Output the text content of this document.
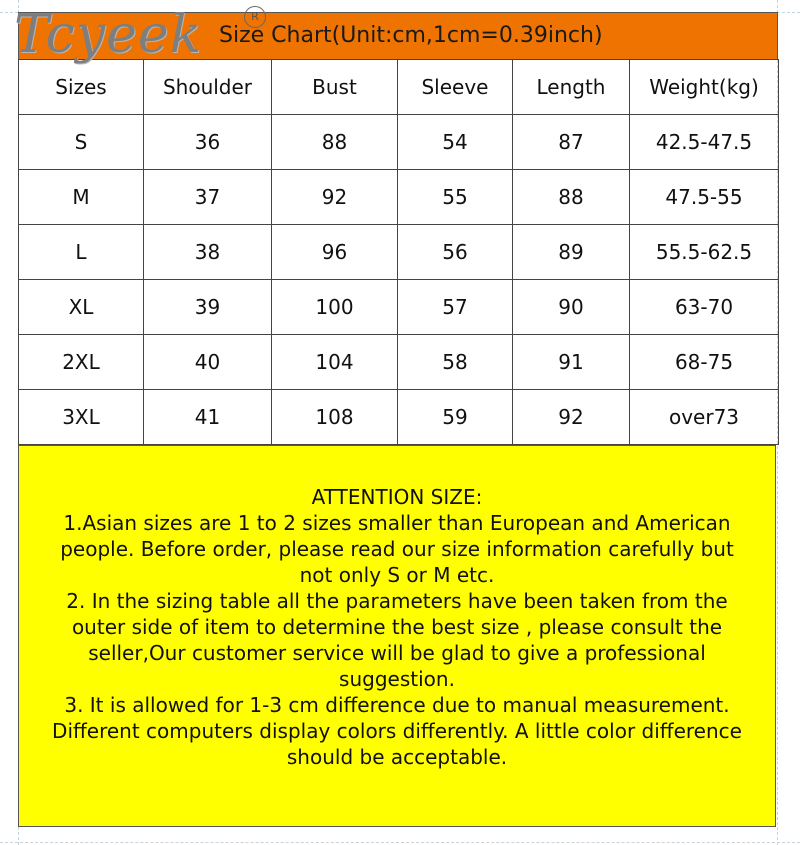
Size Chart(Unit:cm,1cm=0.39inch)
Sizes	Shoulder	Bust	Sleeve	Length	Weight(kg)
S	36	88	54	87	42.5-47.5
M	37	92	55	88	47.5-55
L	38	96	56	89	55.5-62.5
XL	39	100	57	90	63-70
2XL	40	104	58	91	68-75
3XL	41	108	59	92	over73
Tcyeek	R

ATTENTION SIZE:

1.Asian sizes are 1 to 2 sizes smaller than European and American

people. Before order, please read our size information carefully but

not only S or M etc.

2. In the sizing table all the parameters have been taken from the

outer side of item to determine the best size , please consult the

seller,Our customer service will be glad to give a professional

suggestion.

3. It is allowed for 1-3 cm difference due to manual measurement.

Different computers display colors differently. A little color difference

should be acceptable.
